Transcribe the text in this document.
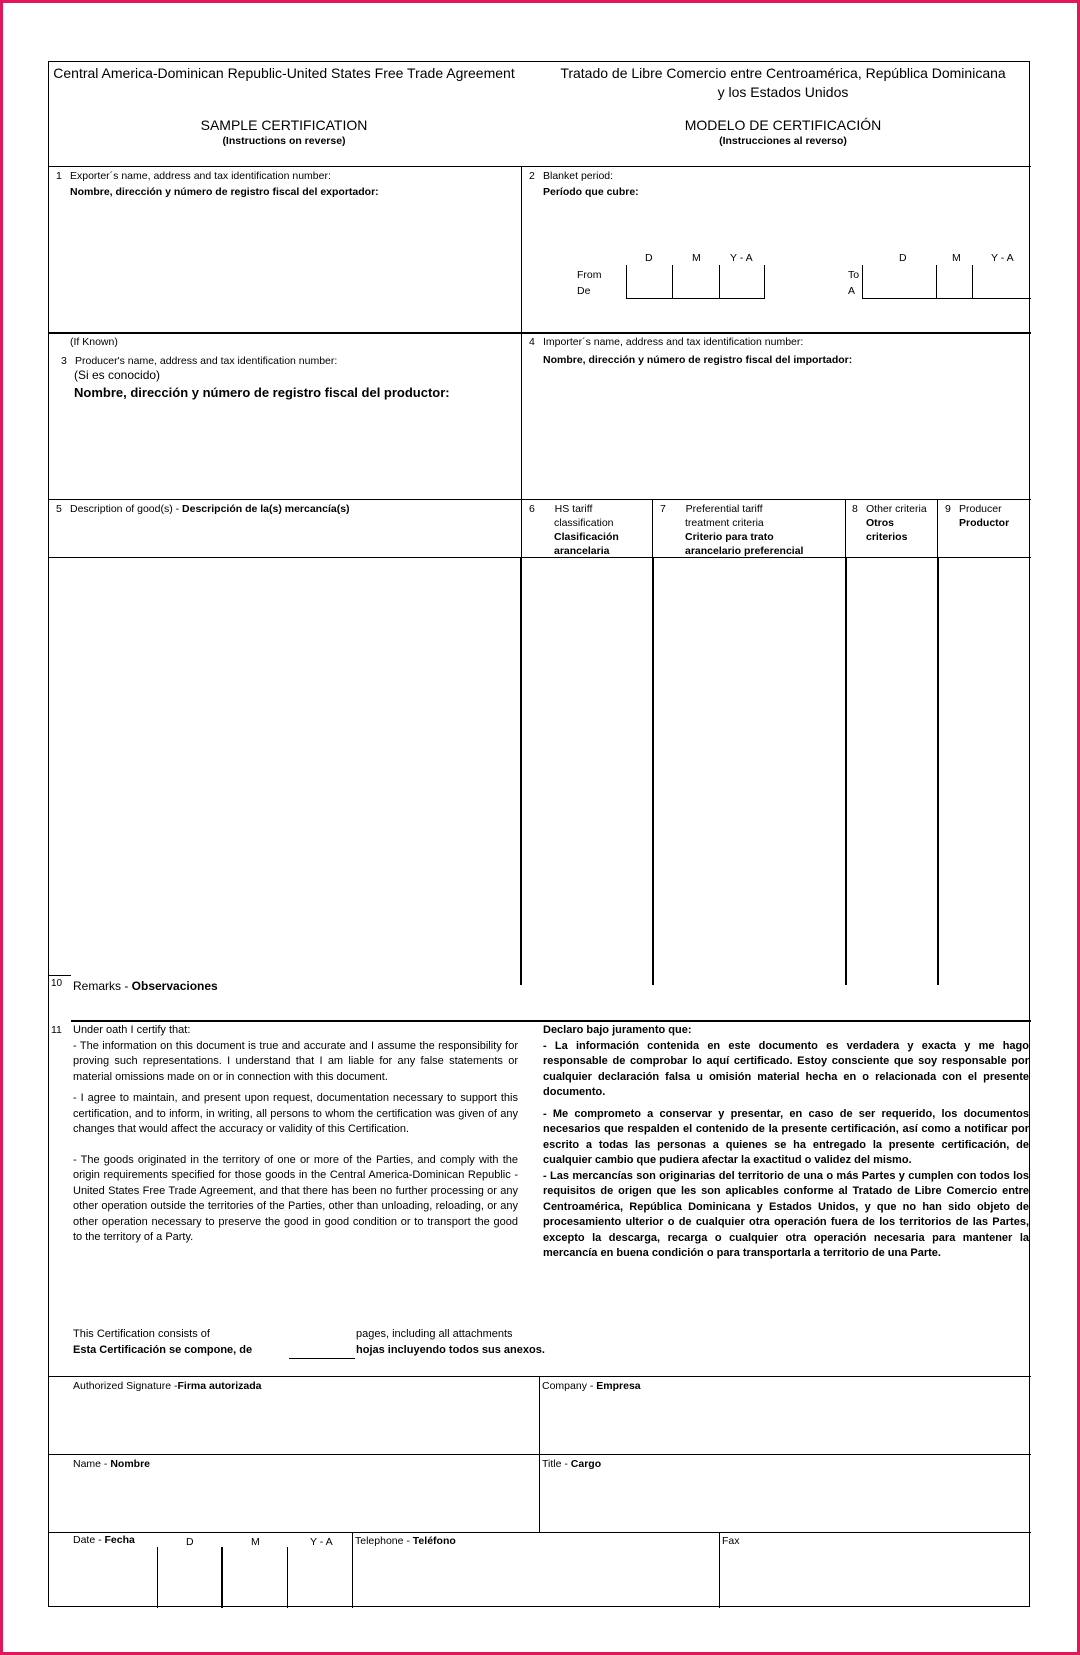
Central America-Dominican Republic-United States Free Trade Agreement
SAMPLE CERTIFICATION
(Instructions on reverse)
Tratado de Libre Comercio entre Centroamérica, República Dominicana y los Estados Unidos
MODELO DE CERTIFICACIÓN
(Instrucciones al reverso)
1 Exporter´s name, address and tax identification number:
Nombre, dirección y número de registro fiscal del exportador:
2 Blanket period:
Período que cubre:
D	M	Y - A
From
De
D	M	Y - A
To
A
(If Known)
3 Producer's name, address and tax identification number:
(Si es conocido)
Nombre, dirección y número de registro fiscal del productor:
4 Importer´s name, address and tax identification number:
Nombre, dirección y número de registro fiscal del importador:
5 Description of good(s) - Descripción de la(s) mercancía(s)	6 HS tariff
classification
Clasificación
arancelaria
7 Preferential tariff
treatment criteria
Criterio para trato
arancelario preferencial
8 Other criteria
Otros
criterios
9 Producer
Productor
10 Remarks - Observaciones
11 Under oath I certify that:
- The information on this document is true and accurate and I assume the responsibility for proving such representations. I understand that I am liable for any false statements or material omissions made on or in connection with this document.
- I agree to maintain, and present upon request, documentation necessary to support this certification, and to inform, in writing, all persons to whom the certification was given of any changes that would affect the accuracy or validity of this Certification.
- The goods originated in the territory of one or more of the Parties, and comply with the origin requirements specified for those goods in the Central America-Dominican Republic - United States Free Trade Agreement, and that there has been no further processing or any other operation outside the territories of the Parties, other than unloading, reloading, or any other operation necessary to preserve the good in good condition or to transport the good to the territory of a Party.
Declaro bajo juramento que:
- La información contenida en este documento es verdadera y exacta y me hago responsable de comprobar lo aquí certificado. Estoy consciente que soy responsable por cualquier declaración falsa u omisión material hecha en o relacionada con el presente documento.
- Me comprometo a conservar y presentar, en caso de ser requerido, los documentos necesarios que respalden el contenido de la presente certificación, así como a notificar por escrito a todas las personas a quienes se ha entregado la presente certificación, de cualquier cambio que pudiera afectar la exactitud o validez del mismo.
- Las mercancías son originarias del territorio de una o más Partes y cumplen con todos los requisitos de origen que les son aplicables conforme al Tratado de Libre Comercio entre Centroamérica, República Dominicana y Estados Unidos, y que no han sido objeto de procesamiento ulterior o de cualquier otra operación fuera de los territorios de las Partes, excepto la descarga, recarga o cualquier otra operación necesaria para mantener la mercancía en buena condición o para transportarla a territorio de una Parte.
This Certification consists of	pages, including all attachments
Esta Certificación se compone, de	hojas incluyendo todos sus anexos.
Authorized Signature -Firma autorizada	Company - Empresa
Name - Nombre	Title - Cargo
Date - Fecha	D	M	Y - A Telephone - Teléfono	Fax
